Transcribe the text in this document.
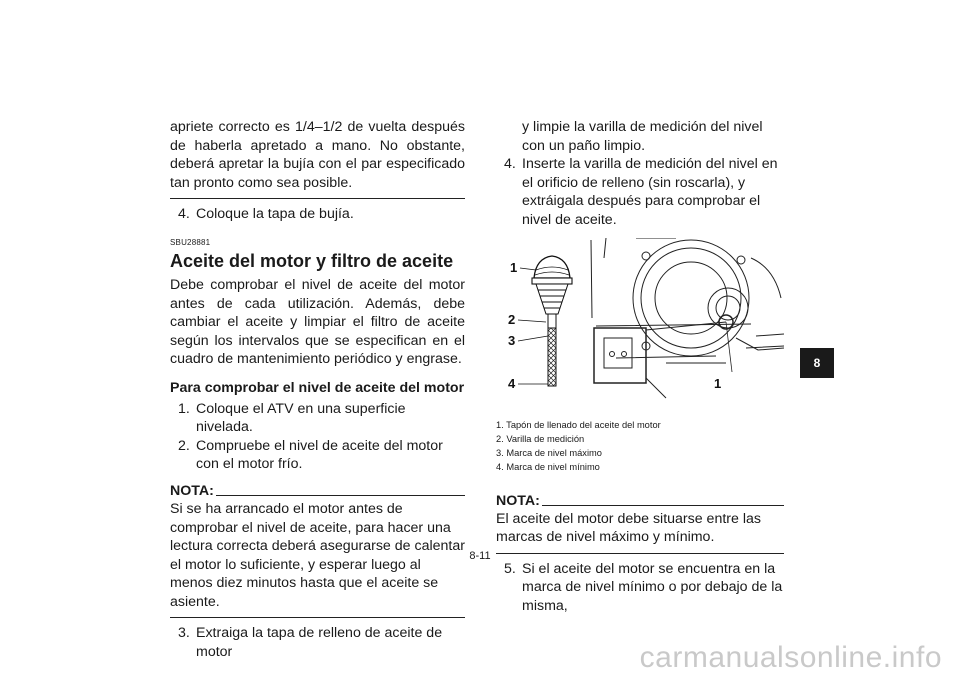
apriete correcto es 1/4–1/2 de vuelta después de haberla apretado a mano. No obstante, deberá apretar la bujía con el par especificado tan pronto como sea posible.

4. Coloque la tapa de bujía.

SBU28881
Aceite del motor y filtro de aceite

Debe comprobar el nivel de aceite del motor antes de cada utilización. Además, debe cambiar el aceite y limpiar el filtro de aceite según los intervalos que se especifican en el cuadro de mantenimiento periódico y engrase.

Para comprobar el nivel de aceite del motor

1. Coloque el ATV en una superficie nivelada.

2. Compruebe el nivel de aceite del motor con el motor frío.

NOTA:

Si se ha arrancado el motor antes de comprobar el nivel de aceite, para hacer una lectura correcta deberá asegurarse de calentar el motor lo suficiente, y esperar luego al menos diez minutos hasta que el aceite se asiente.

3. Extraiga la tapa de relleno de aceite de motor

y limpie la varilla de medición del nivel con un paño limpio.

4. Inserte la varilla de medición del nivel en el orificio de relleno (sin roscarla), y extráigala después para comprobar el nivel de aceite.

1
2
3
4	1

1. Tapón de llenado del aceite del motor

2. Varilla de medición

3. Marca de nivel máximo

4. Marca de nivel mínimo

NOTA:

El aceite del motor debe situarse entre las marcas de nivel máximo y mínimo.

5. Si el aceite del motor se encuentra en la marca de nivel mínimo o por debajo de la misma,

8
8-11
carmanualsonline.info
